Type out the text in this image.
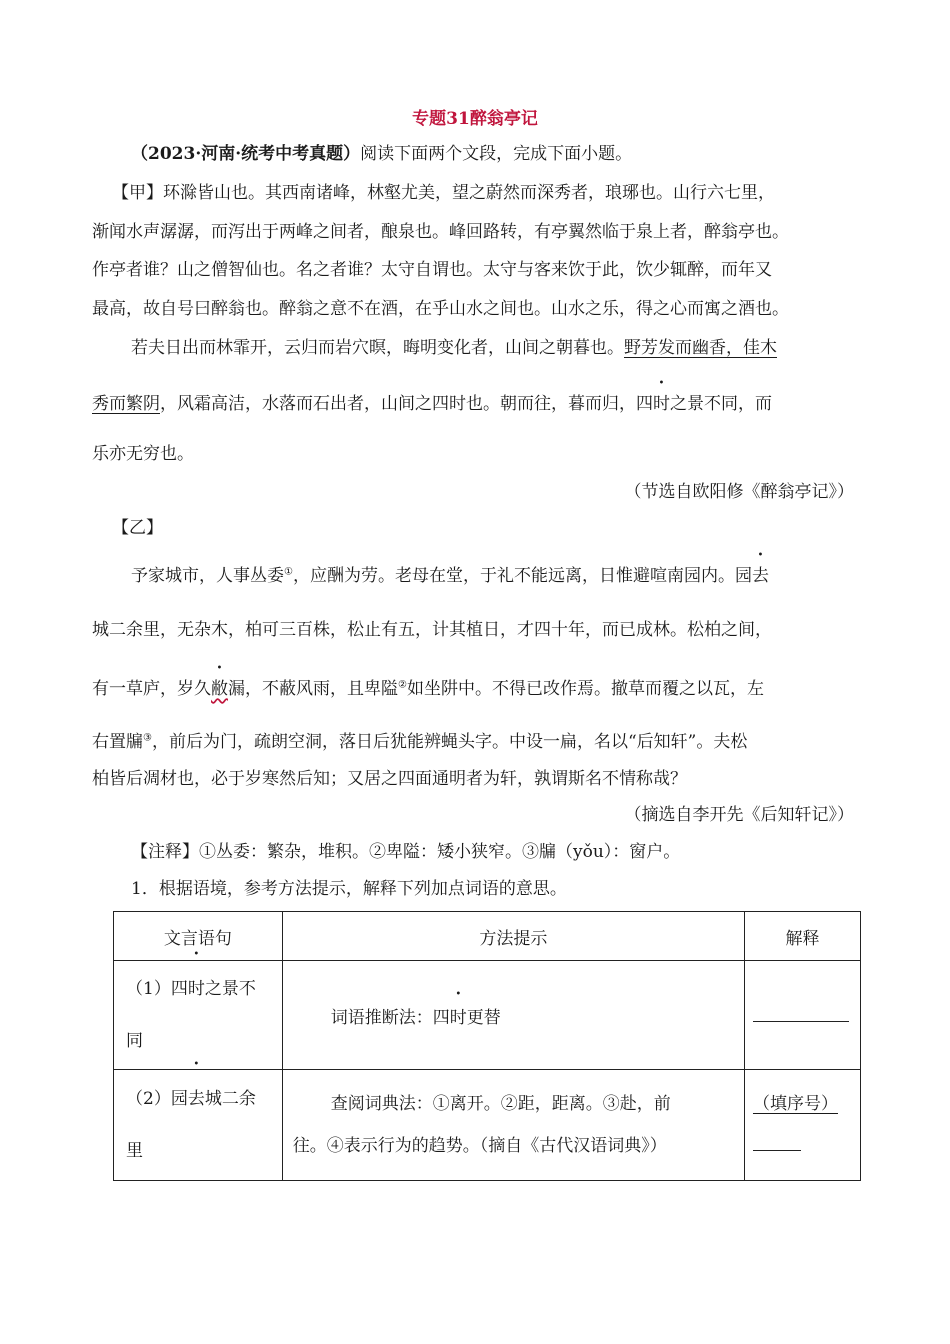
专题31醉翁亭记
（2023·河南·统考中考真题）阅读下面两个文段，完成下面小题。
【甲】环滁皆山也。其西南诸峰，林壑尤美，望之蔚然而深秀者，琅琊也。山行六七里，
渐闻水声潺潺，而泻出于两峰之间者，酿泉也。峰回路转，有亭翼然临于泉上者，醉翁亭也。
作亭者谁？山之僧智仙也。名之者谁？太守自谓也。太守与客来饮于此，饮少辄醉，而年又
最高，故自号曰醉翁也。醉翁之意不在酒，在乎山水之间也。山水之乐，得之心而寓之酒也。
若夫日出而林霏开，云归而岩穴暝，晦明变化者，山间之朝暮也。野芳发而幽香，佳木
秀而繁阴，风霜高洁，水落而石出者，山间之四时也。朝而往，暮而归，四时之景不同，而
乐亦无穷也。
（节选自欧阳修《醉翁亭记》）
【乙】
予家城市，人事丛委①，应酬为劳。老母在堂，于礼不能远离，日惟避喧南园内。园去
城二余里，无杂木，柏可三百株，松止有五，计其植日，才四十年，而已成林。松柏之间，
有一草庐，岁久敝漏，不蔽风雨，且卑隘②如坐阱中。不得已改作焉。撤草而覆之以瓦，左
右置牖③，前后为门，疏朗空洞，落日后犹能辨蝇头字。中设一扁，名以“后知轩”。夫松
柏皆后凋材也，必于岁寒然后知；又居之四面通明者为轩，孰谓斯名不情称哉？
（摘选自李开先《后知轩记》）
【注释】①丛委：繁杂，堆积。②卑隘：矮小狭窄。③牖（yǒu）：窗户。
1．根据语境，参考方法提示，解释下列加点词语的意思。
文言语句	方法提示	解释
（1）四时之景不
同	词语推断法：四时更替	
（2）园去城二余
里	查阅词典法：①离开。②距，距离。③赴，前
往。④表示行为的趋势。（摘自《古代汉语词典》）	（填序号）
